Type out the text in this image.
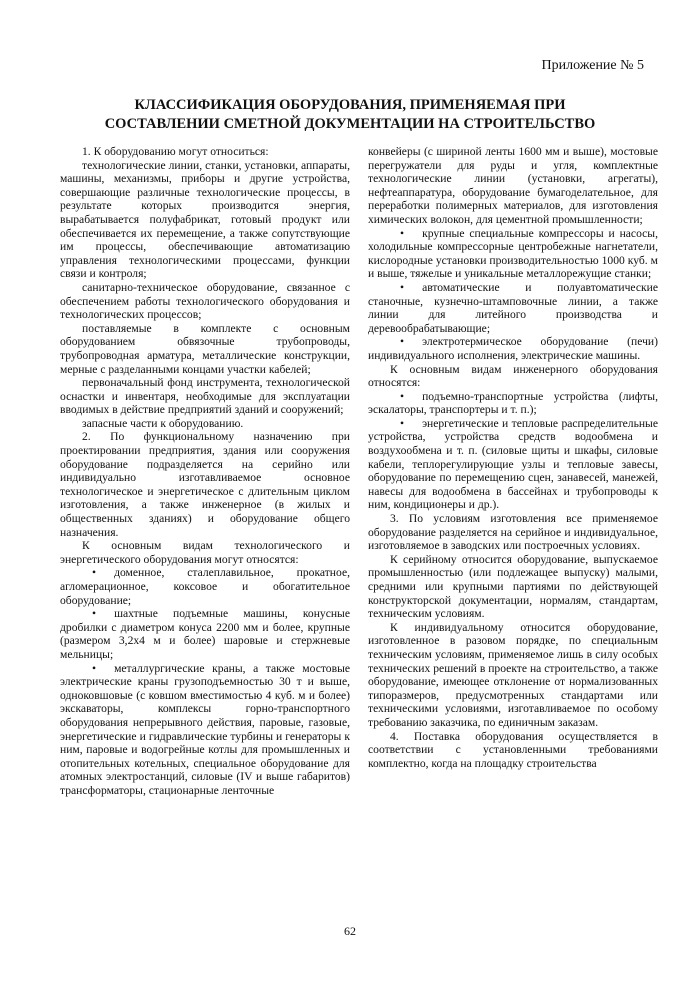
Приложение № 5
КЛАССИФИКАЦИЯ ОБОРУДОВАНИЯ, ПРИМЕНЯЕМАЯ ПРИ
СОСТАВЛЕНИИ СМЕТНОЙ ДОКУМЕНТАЦИИ НА СТРОИТЕЛЬСТВО

1. К оборудованию могут относиться:

технологические линии, станки, установки, аппараты, машины, механизмы, приборы и другие устройства, совершающие различные технологические процессы, в результате которых производится энергия, вырабатывается полуфабрикат, готовый продукт или обеспечивается их перемещение, а также сопутствующие им процессы, обеспечивающие автоматизацию управления технологическими процессами, функции связи и контроля;

санитарно-техническое оборудование, связанное с обеспечением работы технологического оборудования и технологических процессов;

поставляемые в комплекте с основным оборудованием обвязочные трубопроводы, трубопроводная арматура, металлические конструкции, мерные с разделанными концами участки кабелей;

первоначальный фонд инструмента, технологической оснастки и инвентаря, необходимые для эксплуатации вводимых в действие предприятий зданий и сооружений;

запасные части к оборудованию.

2. По функциональному назначению при проектировании предприятия, здания или сооружения оборудование подразделяется на серийно или индивидуально изготавливаемое основное технологическое и энергетическое с длительным циклом изготовления, а также инженерное (в жилых и общественных зданиях) и оборудование общего назначения.

К основным видам технологического и энергетического оборудования могут относятся:

• доменное, сталеплавильное, прокатное, агломерационное, коксовое и обогатительное оборудование;

• шахтные подъемные машины, конусные дробилки с диаметром конуса 2200 мм и более, крупные (размером 3,2х4 м и более) шаровые и стержневые мельницы;

• металлургические краны, а также мостовые электрические краны грузоподъемностью 30 т и выше, одноковшовые (с ковшом вместимостью 4 куб. м и более) экскаваторы, комплексы горно-транспортного оборудования непрерывного действия, паровые, газовые, энергетические и гидравлические турбины и генераторы к ним, паровые и водогрейные котлы для промышленных и отопительных котельных, специальное оборудование для атомных электростанций, силовые (IV и выше габаритов) трансформаторы, стационарные ленточные

конвейеры (с шириной ленты 1600 мм и выше), мостовые перегружатели для руды и угля, комплектные технологические линии (установки, агрегаты), нефтеаппаратура, оборудование бумагоделательное, для переработки полимерных материалов, для изготовления химических волокон, для цементной промышленности;

• крупные специальные компрессоры и насосы, холодильные компрессорные центробежные нагнетатели, кислородные установки производительностью 1000 куб. м и выше, тяжелые и уникальные металлорежущие станки;

• автоматические и полуавтоматические станочные, кузнечно-штамповочные линии, а также линии для литейного производства и деревообрабатывающие;

• электротермическое оборудование (печи) индивидуального исполнения, электрические машины.

К основным видам инженерного оборудования относятся:

• подъемно-транспортные устройства (лифты, эскалаторы, транспортеры и т. п.);

• энергетические и тепловые распределительные устройства, устройства средств водообмена и воздухообмена и т. п. (силовые щиты и шкафы, силовые кабели, теплорегулирующие узлы и тепловые завесы, оборудование по перемещению сцен, занавесей, манежей, навесы для водообмена в бассейнах и трубопроводы к ним, кондиционеры и др.).

3. По условиям изготовления все применяемое оборудование разделяется на серийное и индивидуальное, изготовляемое в заводских или построечных условиях.

К серийному относится оборудование, выпускаемое промышленностью (или подлежащее выпуску) малыми, средними или крупными партиями по действующей конструкторской документации, нормалям, стандартам, техническим условиям.

К индивидуальному относится оборудование, изготовленное в разовом порядке, по специальным техническим условиям, применяемое лишь в силу особых технических решений в проекте на строительство, а также оборудование, имеющее отклонение от нормализованных типоразмеров, предусмотренных стандартами или техническими условиями, изготавливаемое по особому требованию заказчика, по единичным заказам.

4. Поставка оборудования осуществляется в соответствии с установленными требованиями комплектно, когда на площадку строительства

62
